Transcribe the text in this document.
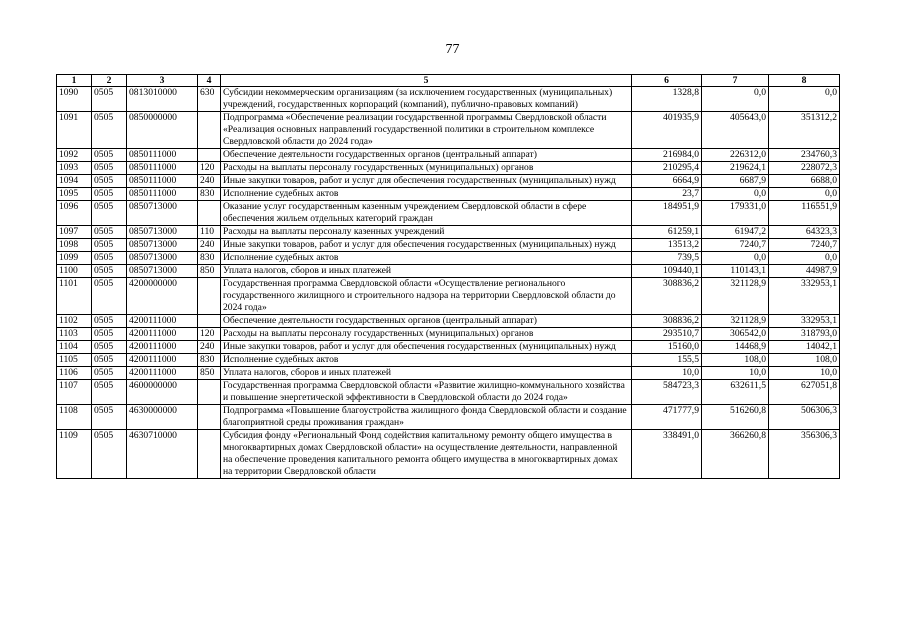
77
1	2	3	4	5	6	7	8
1090	0505	0813010000	630	Субсидии некоммерческим организациям (за исключением государственных (муниципальных) учреждений, государственных корпораций (компаний), публично-правовых компаний)	1328,8	0,0	0,0
1091	0505	0850000000		Подпрограмма «Обеспечение реализации государственной программы Свердловской области «Реализация основных направлений государственной политики в строительном комплексе Свердловской области до 2024 года»	401935,9	405643,0	351312,2
1092	0505	0850111000		Обеспечение деятельности государственных органов (центральный аппарат)	216984,0	226312,0	234760,3
1093	0505	0850111000	120	Расходы на выплаты персоналу государственных (муниципальных) органов	210295,4	219624,1	228072,3
1094	0505	0850111000	240	Иные закупки товаров, работ и услуг для обеспечения государственных (муниципальных) нужд	6664,9	6687,9	6688,0
1095	0505	0850111000	830	Исполнение судебных актов	23,7	0,0	0,0
1096	0505	0850713000		Оказание услуг государственным казенным учреждением Свердловской области в сфере обеспечения жильем отдельных категорий граждан	184951,9	179331,0	116551,9
1097	0505	0850713000	110	Расходы на выплаты персоналу казенных учреждений	61259,1	61947,2	64323,3
1098	0505	0850713000	240	Иные закупки товаров, работ и услуг для обеспечения государственных (муниципальных) нужд	13513,2	7240,7	7240,7
1099	0505	0850713000	830	Исполнение судебных актов	739,5	0,0	0,0
1100	0505	0850713000	850	Уплата налогов, сборов и иных платежей	109440,1	110143,1	44987,9
1101	0505	4200000000		Государственная программа Свердловской области «Осуществление регионального государственного жилищного и строительного надзора на территории Свердловской области до 2024 года»	308836,2	321128,9	332953,1
1102	0505	4200111000		Обеспечение деятельности государственных органов (центральный аппарат)	308836,2	321128,9	332953,1
1103	0505	4200111000	120	Расходы на выплаты персоналу государственных (муниципальных) органов	293510,7	306542,0	318793,0
1104	0505	4200111000	240	Иные закупки товаров, работ и услуг для обеспечения государственных (муниципальных) нужд	15160,0	14468,9	14042,1
1105	0505	4200111000	830	Исполнение судебных актов	155,5	108,0	108,0
1106	0505	4200111000	850	Уплата налогов, сборов и иных платежей	10,0	10,0	10,0
1107	0505	4600000000		Государственная программа Свердловской области «Развитие жилищно-коммунального хозяйства и повышение энергетической эффективности в Свердловской области до 2024 года»	584723,3	632611,5	627051,8
1108	0505	4630000000		Подпрограмма «Повышение благоустройства жилищного фонда Свердловской области и создание благоприятной среды проживания граждан»	471777,9	516260,8	506306,3
1109	0505	4630710000		Субсидия фонду «Региональный Фонд содействия капитальному ремонту общего имущества в многоквартирных домах Свердловской области» на осуществление деятельности, направленной на обеспечение проведения капитального ремонта общего имущества в многоквартирных домах на территории Свердловской области	338491,0	366260,8	356306,3
